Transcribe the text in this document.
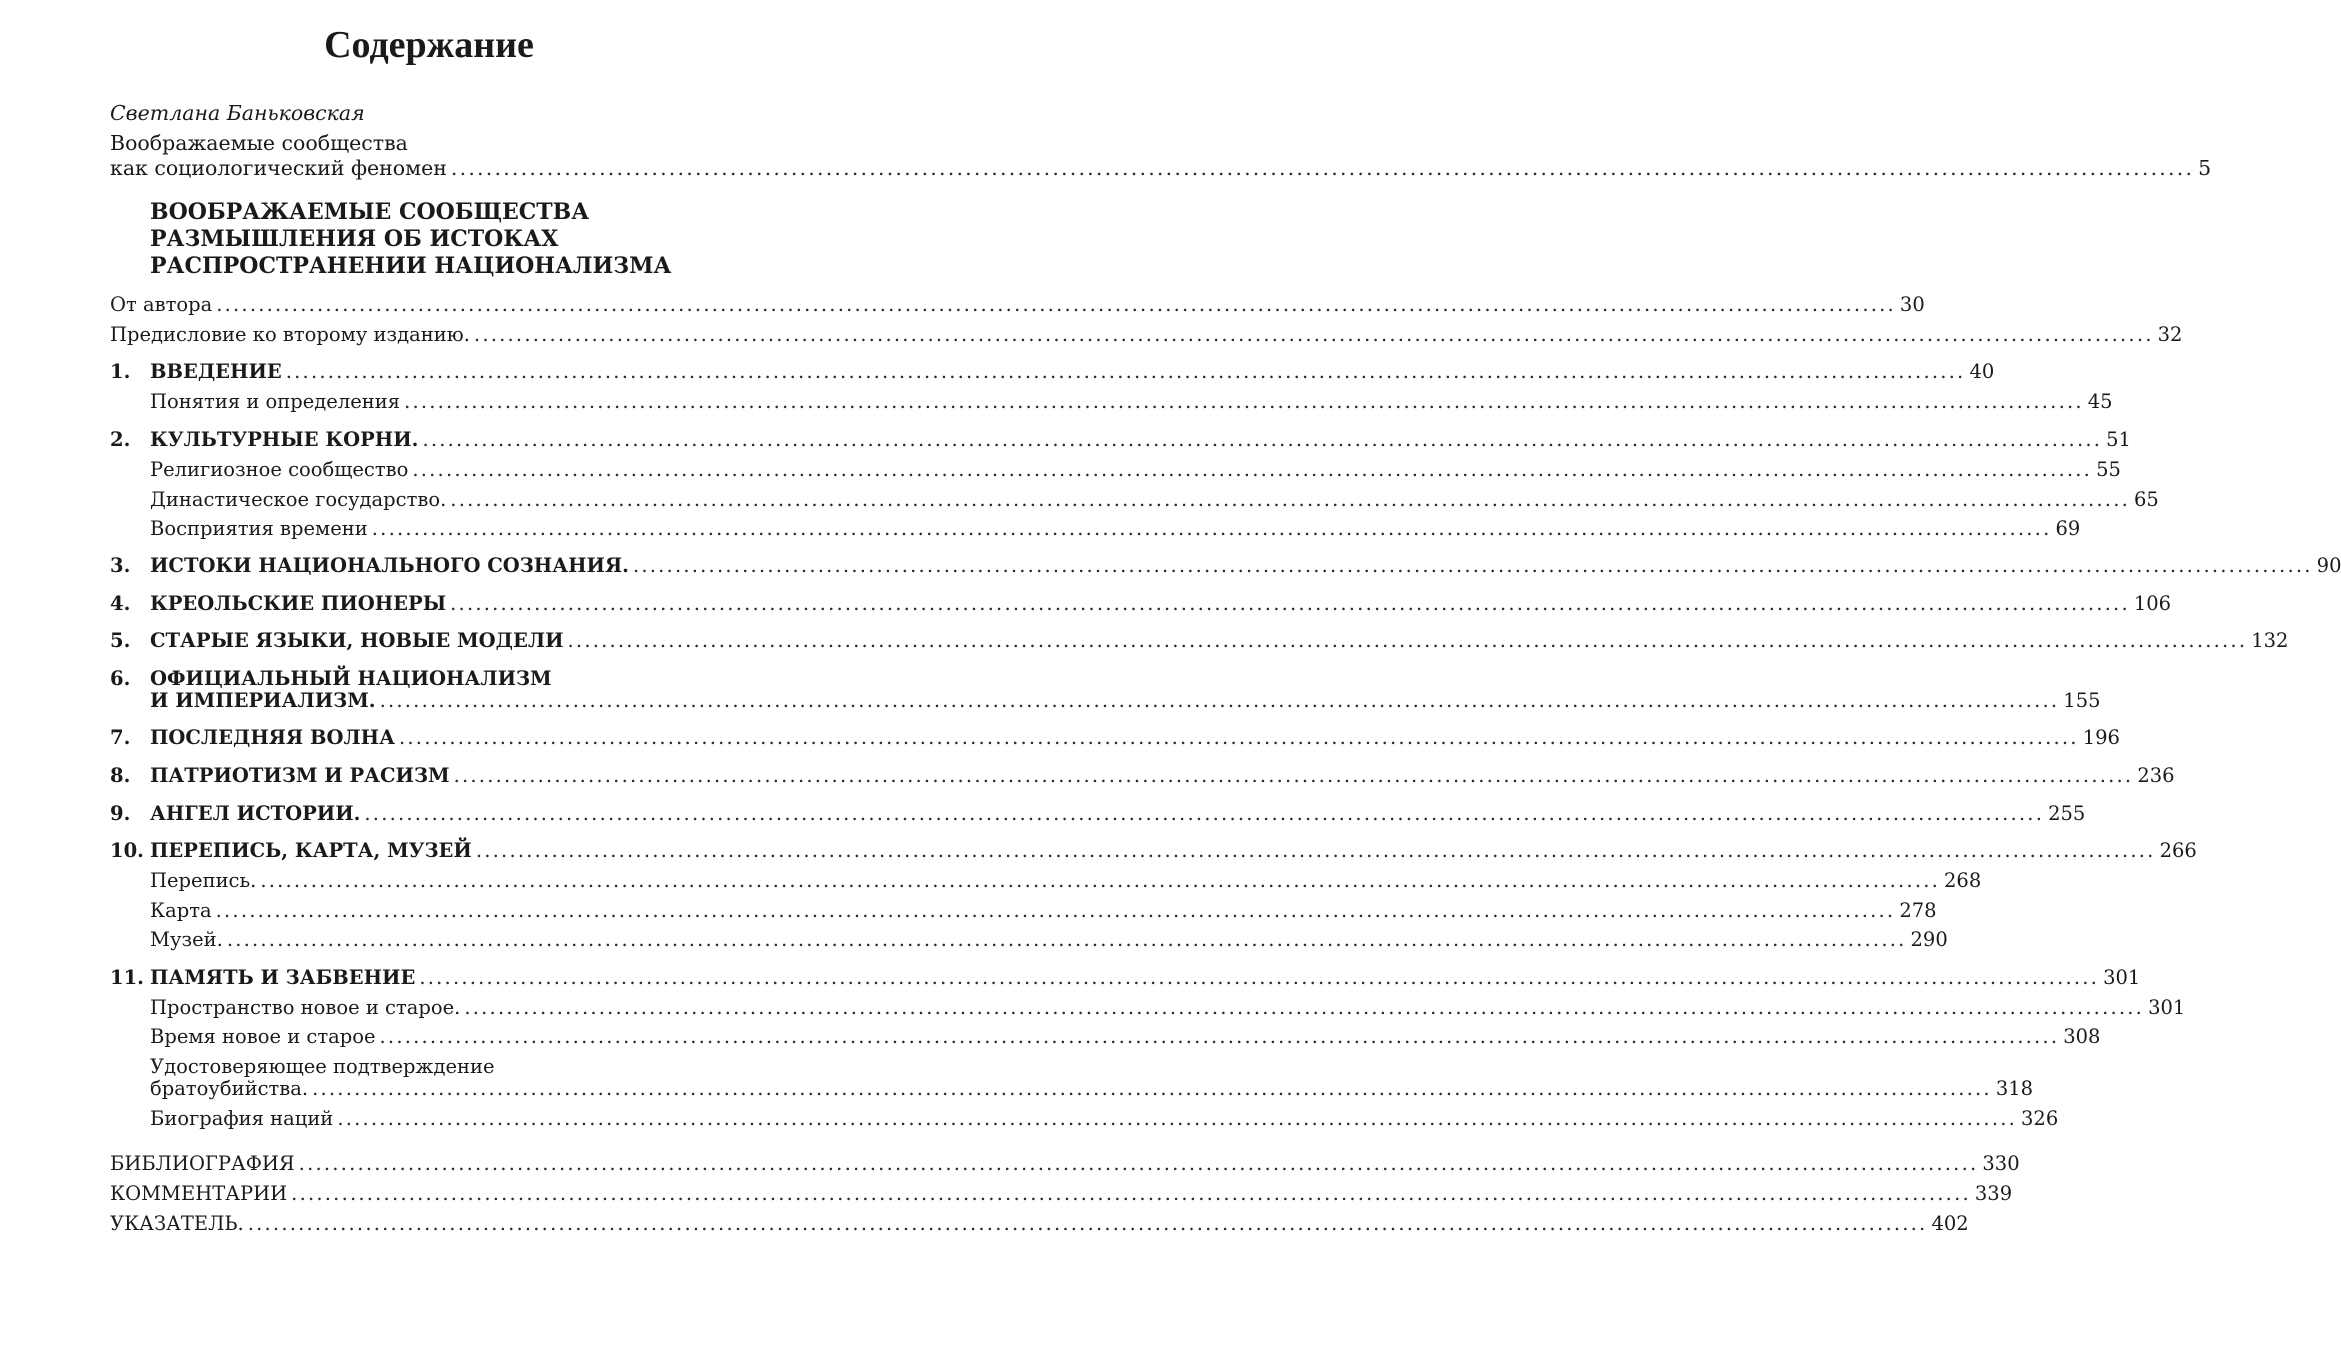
Содержание
Светлана Баньковская
Воображаемые сообщества
как социологический феномен ........................................................................................................................................................................................................ 5
ВООБРАЖАЕМЫЕ СООБЩЕСТВА
РАЗМЫШЛЕНИЯ ОБ ИСТОКАХ
РАСПРОСТРАНЕНИИ НАЦИОНАЛИЗМА
От автора ........................................................................................................................................................................................................ 30
Предисловие ко второму изданию. ........................................................................................................................................................................................................ 32
1.	ВВЕДЕНИЕ ........................................................................................................................................................................................................ 40
Понятия и определения ........................................................................................................................................................................................................ 45
2.	КУЛЬТУРНЫЕ КОРНИ. ........................................................................................................................................................................................................ 51
Религиозное сообщество ........................................................................................................................................................................................................ 55
Династическое государство. ........................................................................................................................................................................................................ 65
Восприятия времени ........................................................................................................................................................................................................ 69
3.	ИСТОКИ НАЦИОНАЛЬНОГО СОЗНАНИЯ. ........................................................................................................................................................................................................ 90
4.	КРЕОЛЬСКИЕ ПИОНЕРЫ ........................................................................................................................................................................................................ 106
5.	СТАРЫЕ ЯЗЫКИ, НОВЫЕ МОДЕЛИ ........................................................................................................................................................................................................ 132
6. ОФИЦИАЛЬНЫЙ НАЦИОНАЛИЗМ
И ИМПЕРИАЛИЗМ. ........................................................................................................................................................................................................ 155
7.	ПОСЛЕДНЯЯ ВОЛНА ........................................................................................................................................................................................................ 196
8.	ПАТРИОТИЗМ И РАСИЗМ ........................................................................................................................................................................................................ 236
9.	АНГЕЛ ИСТОРИИ. ........................................................................................................................................................................................................ 255
10. ПЕРЕПИСЬ, КАРТА, МУЗЕЙ ........................................................................................................................................................................................................ 266
Перепись. ........................................................................................................................................................................................................ 268
Карта ........................................................................................................................................................................................................ 278
Музей. ........................................................................................................................................................................................................ 290
11. ПАМЯТЬ И ЗАБВЕНИЕ ........................................................................................................................................................................................................ 301
Пространство новое и старое. ........................................................................................................................................................................................................ 301
Время новое и старое ........................................................................................................................................................................................................ 308
Удостоверяющее подтверждение
братоубийства. ........................................................................................................................................................................................................ 318
Биография наций ........................................................................................................................................................................................................ 326
БИБЛИОГРАФИЯ ........................................................................................................................................................................................................ 330
КОММЕНТАРИИ ........................................................................................................................................................................................................ 339
УКАЗАТЕЛЬ. ........................................................................................................................................................................................................ 402
